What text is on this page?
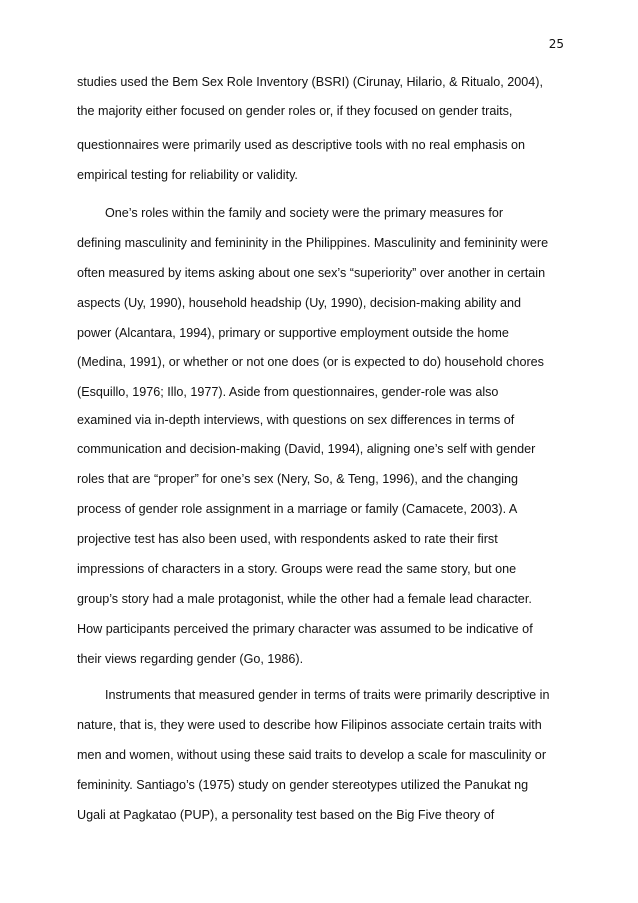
25
studies used the Bem Sex Role Inventory (BSRI) (Cirunay, Hilario, & Ritualo, 2004),
the majority either focused on gender roles or, if they focused on gender traits,
questionnaires were primarily used as descriptive tools with no real emphasis on
empirical testing for reliability or validity.
One’s roles within the family and society were the primary measures for
defining masculinity and femininity in the Philippines. Masculinity and femininity were
often measured by items asking about one sex’s “superiority” over another in certain
aspects (Uy, 1990), household headship (Uy, 1990), decision-making ability and
power (Alcantara, 1994), primary or supportive employment outside the home
(Medina, 1991), or whether or not one does (or is expected to do) household chores
(Esquillo, 1976; Illo, 1977). Aside from questionnaires, gender-role was also
examined via in-depth interviews, with questions on sex differences in terms of
communication and decision-making (David, 1994), aligning one’s self with gender
roles that are “proper” for one’s sex (Nery, So, & Teng, 1996), and the changing
process of gender role assignment in a marriage or family (Camacete, 2003). A
projective test has also been used, with respondents asked to rate their first
impressions of characters in a story. Groups were read the same story, but one
group’s story had a male protagonist, while the other had a female lead character.
How participants perceived the primary character was assumed to be indicative of
their views regarding gender (Go, 1986).
Instruments that measured gender in terms of traits were primarily descriptive in
nature, that is, they were used to describe how Filipinos associate certain traits with
men and women, without using these said traits to develop a scale for masculinity or
femininity. Santiago’s (1975) study on gender stereotypes utilized the Panukat ng
Ugali at Pagkatao (PUP), a personality test based on the Big Five theory of
